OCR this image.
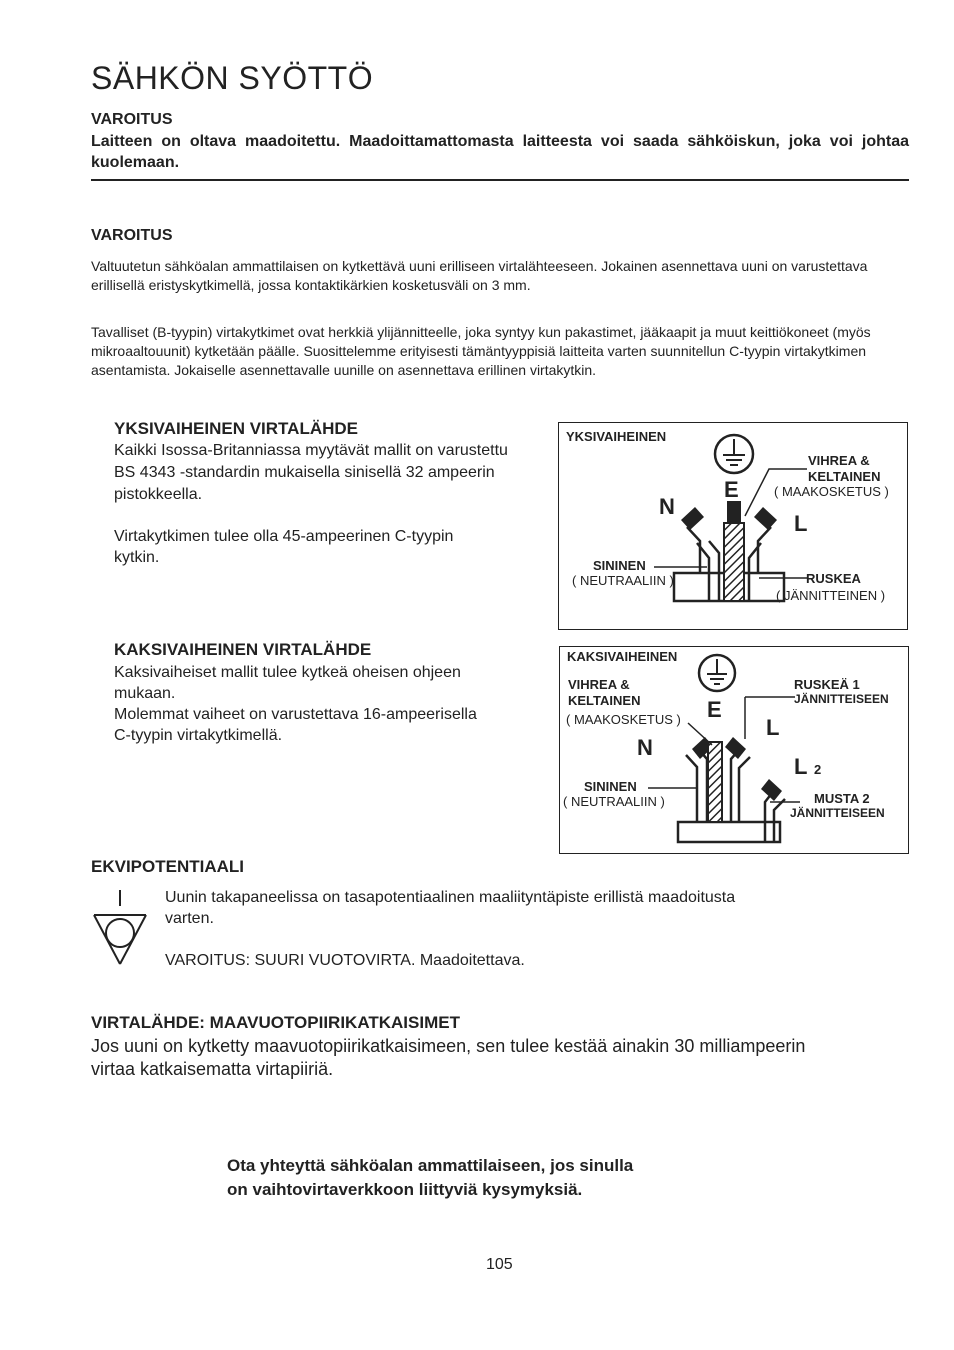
SÄHKÖN SYÖTTÖ
VAROITUS
Laitteen on oltava maadoitettu. Maadoittamattomasta laitteesta voi saada sähköiskun, joka voi johtaa kuolemaan.
VAROITUS
Valtuutetun sähköalan ammattilaisen on kytkettävä uuni erilliseen virtalähteeseen. Jokainen asennettava uuni on varustettava erillisellä eristyskytkimellä, jossa kontaktikärkien kosketusväli on 3 mm.
Tavalliset (B-tyypin) virtakytkimet ovat herkkiä ylijännitteelle, joka syntyy kun pakastimet, jääkaapit ja muut keittiökoneet (myös mikroaaltouunit) kytketään päälle. Suosittelemme erityisesti tämäntyyppisiä laitteita varten suunnitellun C-tyypin virtakytkimen asentamista. Jokaiselle asennettavalle uunille on asennettava erillinen virtakytkin.
YKSIVAIHEINEN VIRTALÄHDE
Kaikki Isossa-Britanniassa myytävät mallit on varustettu
BS 4343 -standardin mukaisella sinisellä 32 ampeerin
pistokkeella.
Virtakytkimen tulee olla 45-ampeerinen C-tyypin
kytkin.
YKSIVAIHEINEN
VIHREA &
KELTAINEN
( MAAKOSKETUS )
E
N
L
SININEN
( NEUTRAALIIN )	RUSKEA
( JÄNNITTEINEN )
KAKSIVAIHEINEN VIRTALÄHDE
Kaksivaiheiset mallit tulee kytkeä oheisen ohjeen
mukaan.
Molemmat vaiheet on varustettava 16-ampeerisella
C-tyypin virtakytkimellä.
KAKSIVAIHEINEN
VIHREA &
KELTAINEN
( MAAKOSKETUS )
RUSKEÄ 1
JÄNNITTEISEEN
E
L
N
L 2
SININEN
( NEUTRAALIIN )	MUSTA 2
JÄNNITTEISEEN
EKVIPOTENTIAALI
Uunin takapaneelissa on tasapotentiaalinen maaliityntäpiste erillistä maadoitusta
varten.
VAROITUS: SUURI VUOTOVIRTA. Maadoitettava.
VIRTALÄHDE: MAAVUOTOPIIRIKATKAISIMET
Jos uuni on kytketty maavuotopiirikatkaisimeen, sen tulee kestää ainakin 30 milliampeerin
virtaa katkaisematta virtapiiriä.
Ota yhteyttä sähköalan ammattilaiseen, jos sinulla
on vaihtovirtaverkkoon liittyviä kysymyksiä.
105
